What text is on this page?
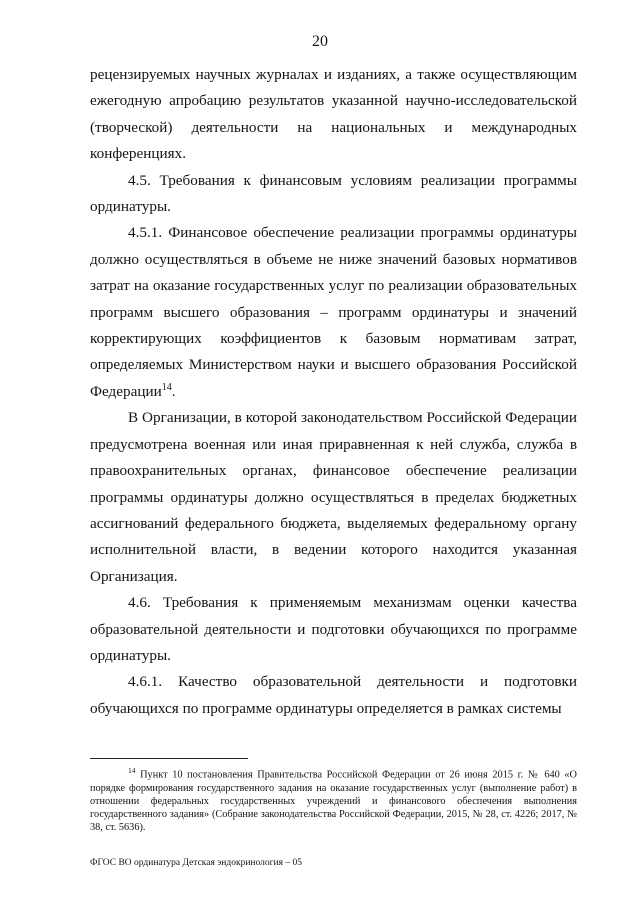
20

рецензируемых научных журналах и изданиях, а также осуществляющим ежегодную апробацию результатов указанной научно-исследовательской (творческой) деятельности на национальных и международных конференциях.

4.5. Требования к финансовым условиям реализации программы ординатуры.

4.5.1. Финансовое обеспечение реализации программы ординатуры должно осуществляться в объеме не ниже значений базовых нормативов затрат на оказание государственных услуг по реализации образовательных программ высшего образования – программ ординатуры и значений корректирующих коэффициентов к базовым нормативам затрат, определяемых Министерством науки и высшего образования Российской Федерации$^{14}$.

В Организации, в которой законодательством Российской Федерации предусмотрена военная или иная приравненная к ней служба, служба в правоохранительных органах, финансовое обеспечение реализации программы ординатуры должно осуществляться в пределах бюджетных ассигнований федерального бюджета, выделяемых федеральному органу исполнительной власти, в ведении которого находится указанная Организация.

4.6. Требования к применяемым механизмам оценки качества образовательной деятельности и подготовки обучающихся по программе ординатуры.

4.6.1. Качество образовательной деятельности и подготовки обучающихся по программе ординатуры определяется в рамках системы

$^{14}$ Пункт 10 постановления Правительства Российской Федерации от 26 июня 2015 г. № 640 «О порядке формирования государственного задания на оказание государственных услуг (выполнение работ) в отношении федеральных государственных учреждений и финансового обеспечения выполнения государственного задания» (Собрание законодательства Российской Федерации, 2015, № 28, ст. 4226; 2017, № 38, ст. 5636).

ФГОС ВО ординатура Детская эндокринология – 05
